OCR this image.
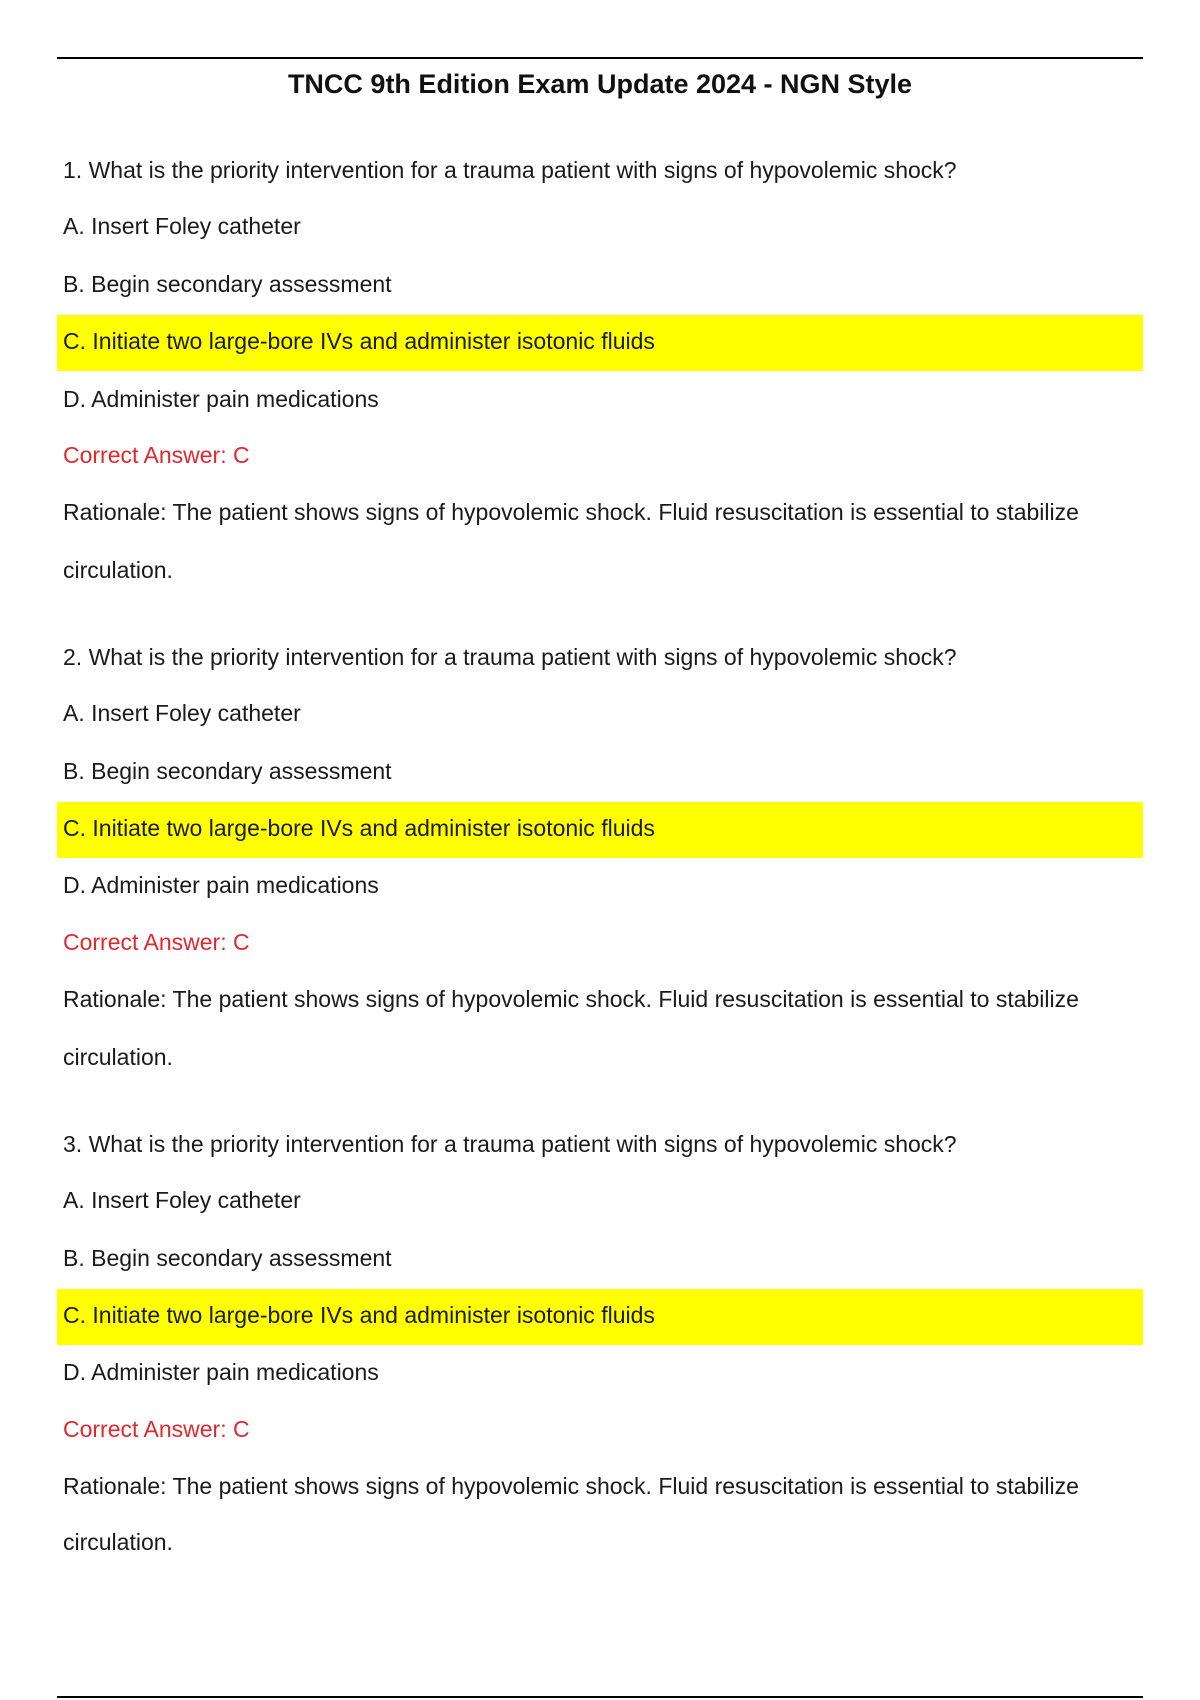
TNCC 9th Edition Exam Update 2024 - NGN Style
1. What is the priority intervention for a trauma patient with signs of hypovolemic shock?
A. Insert Foley catheter
B. Begin secondary assessment
C. Initiate two large-bore IVs and administer isotonic fluids
D. Administer pain medications
Correct Answer: C
Rationale: The patient shows signs of hypovolemic shock. Fluid resuscitation is essential to stabilize
circulation.
2. What is the priority intervention for a trauma patient with signs of hypovolemic shock?
A. Insert Foley catheter
B. Begin secondary assessment
C. Initiate two large-bore IVs and administer isotonic fluids
D. Administer pain medications
Correct Answer: C
Rationale: The patient shows signs of hypovolemic shock. Fluid resuscitation is essential to stabilize
circulation.
3. What is the priority intervention for a trauma patient with signs of hypovolemic shock?
A. Insert Foley catheter
B. Begin secondary assessment
C. Initiate two large-bore IVs and administer isotonic fluids
D. Administer pain medications
Correct Answer: C
Rationale: The patient shows signs of hypovolemic shock. Fluid resuscitation is essential to stabilize
circulation.
